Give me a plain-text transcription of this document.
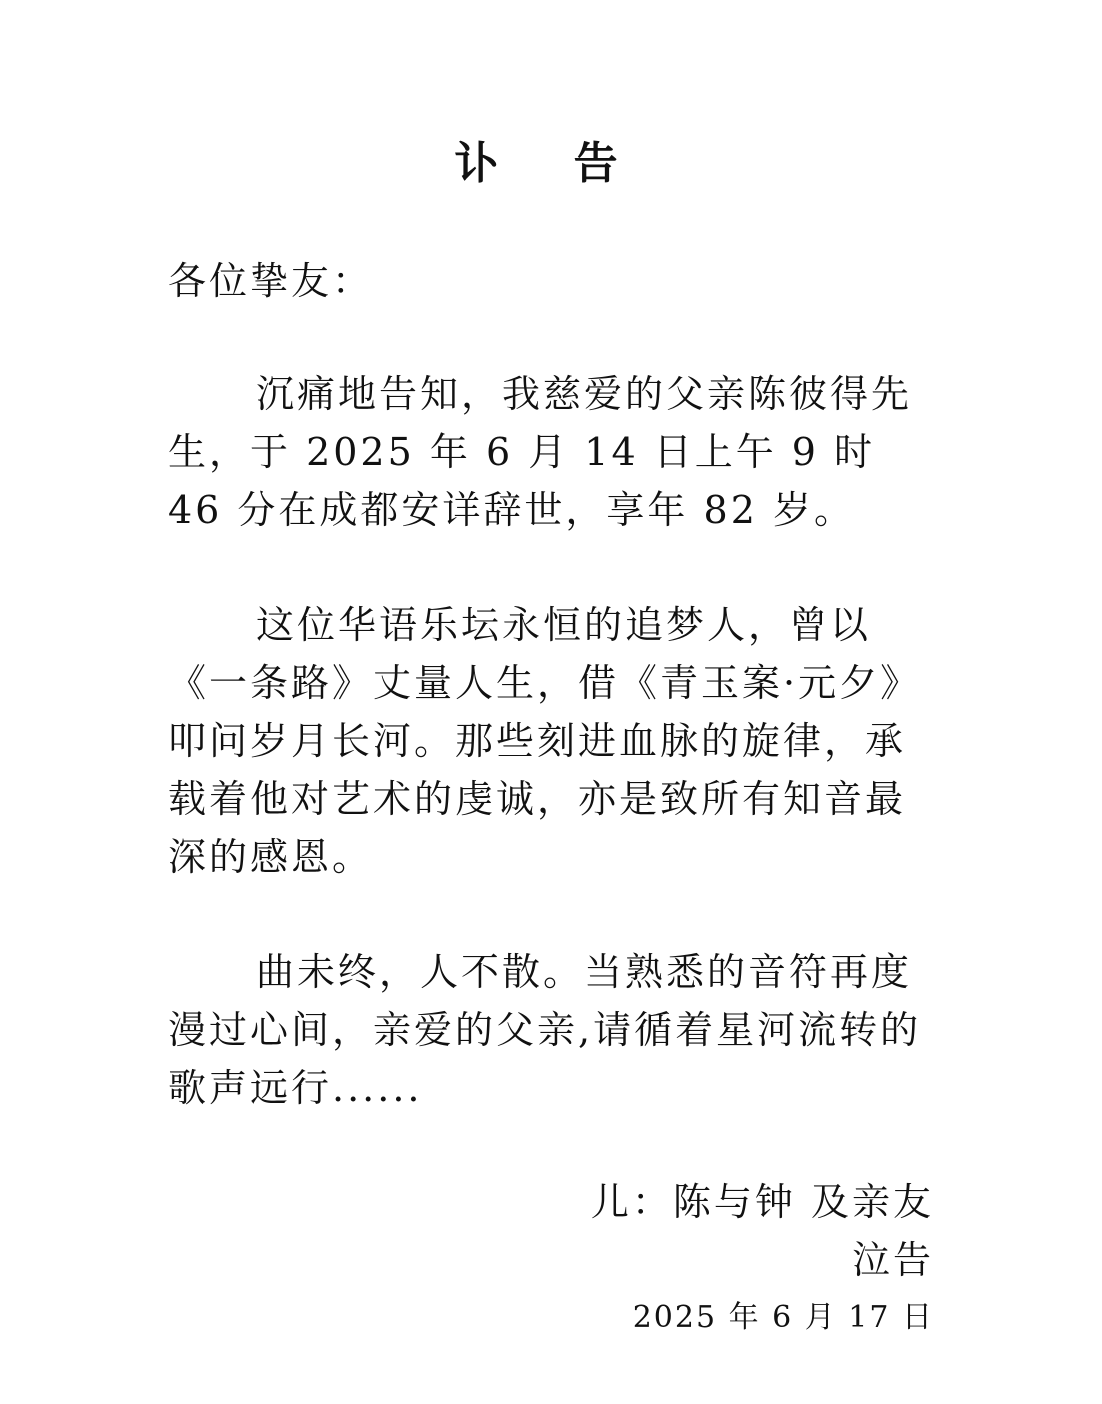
讣 告
各位挚友：
沉痛地告知，我慈爱的父亲陈彼得先生，于 2025 年 6 月 14 日上午 9 时 46 分在成都安详辞世，享年 82 岁。
这位华语乐坛永恒的追梦人，曾以《一条路》丈量人生，借《青玉案·元夕》叩问岁月长河。那些刻进血脉的旋律，承载着他对艺术的虔诚，亦是致所有知音最深的感恩。
曲未终，人不散。当熟悉的音符再度漫过心间，亲爱的父亲,请循着星河流转的歌声远行......
儿：陈与钟 及亲友
泣告
2025 年 6 月 17 日
